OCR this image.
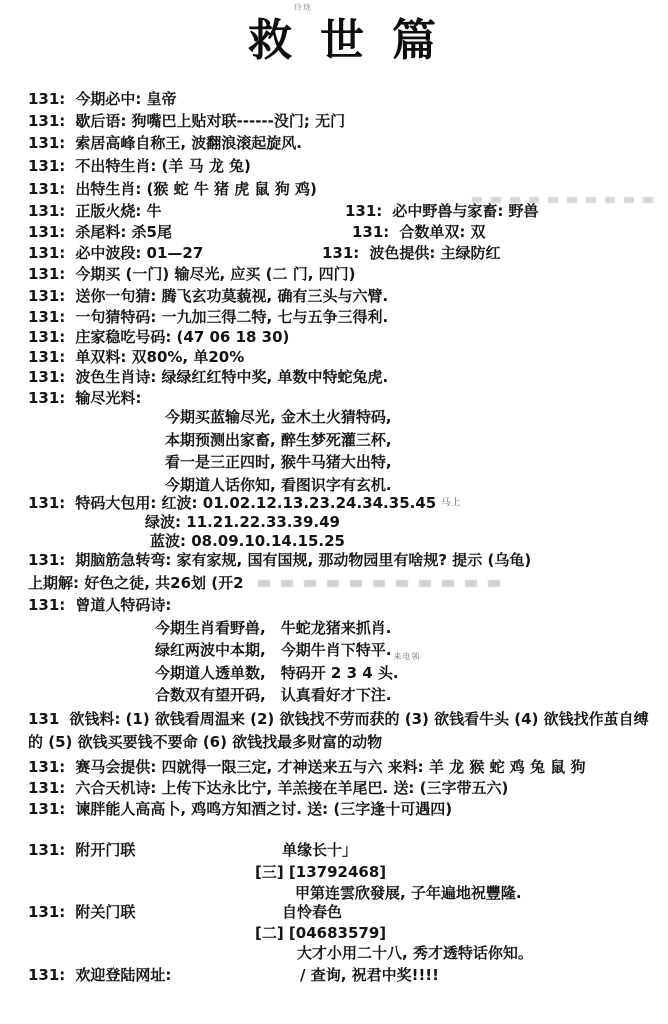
玲珑
救世篇
131: 今期必中: 皇帝
131: 歇后语: 狗嘴巴上贴对联------没门; 无门
131: 索居高峰自称王, 波翻浪滚起旋风.
131: 不出特生肖: (羊 马 龙 兔)
131: 出特生肖: (猴 蛇 牛 猪 虎 鼠 狗 鸡)
131: 正版火烧: 牛	131: 必中野兽与家畜: 野兽
131: 杀尾料: 杀5尾	131: 合数单双: 双
131: 必中波段: 01—27	131: 波色提供: 主绿防红
131: 今期买 (一门) 输尽光, 应买 (二 门, 四门)
131: 送你一句猜: 腾飞玄功莫藐视, 确有三头与六臂.
131: 一句猜特码: 一九加三得二特, 七与五争三得利.
131: 庄家稳吃号码: (47 06 18 30)
131: 单双料: 双80%, 单20%
131: 波色生肖诗: 绿绿红红特中奖, 单数中特蛇兔虎.
131: 输尽光料:
今期买蓝输尽光, 金木土火猜特码,
本期预测出家畜, 醉生梦死灌三杯,
看一是三正四时, 猴牛马猪大出特,
今期道人话你知, 看图识字有玄机.
131: 特码大包用: 红波: 01.02.12.13.23.24.34.35.45 $^{马上}$
绿波: 11.21.22.33.39.49
蓝波: 08.09.10.14.15.25
131: 期脑筋急转弯: 家有家规, 国有国规, 那动物园里有啥规? 提示 (乌龟)
上期解: 好色之徒, 共26划 (开2
131: 曾道人特码诗:
今期生肖看野兽,　牛蛇龙猪来抓肖.
绿红两波中本期,　今期牛肖下特平. $_{来电领}$
今期道人透单数,　特码开 2 3 4 头.
合数双有望开码,　认真看好才下注.
131 欲钱料: (1) 欲钱看周温来 (2) 欲钱找不劳而获的 (3) 欲钱看牛头 (4) 欲钱找作茧自缚的 (5) 欲钱买要钱不要命 (6) 欲钱找最多财富的动物
131: 赛马会提供: 四就得一限三定, 才神送来五与六 来料: 羊 龙 猴 蛇 鸡 兔 鼠 狗
131: 六合天机诗: 上传下达永比宁, 羊羔接在羊尾巴. 送: (三字带五六)
131: 谏胖能人高高卜, 鸡鸣方知酒之讨. 送: (三字逢十可遇四)
131: 附开门联	单缘长十」
[三] [13792468]
甲第连雲欣發展, 子年遍地祝豐隆.
131: 附关门联	自怜春色
[二] [04683579]
大才小用二十八, 秀才透特话你知。
131: 欢迎登陆网址:	/ 查询, 祝君中奖!!!!
